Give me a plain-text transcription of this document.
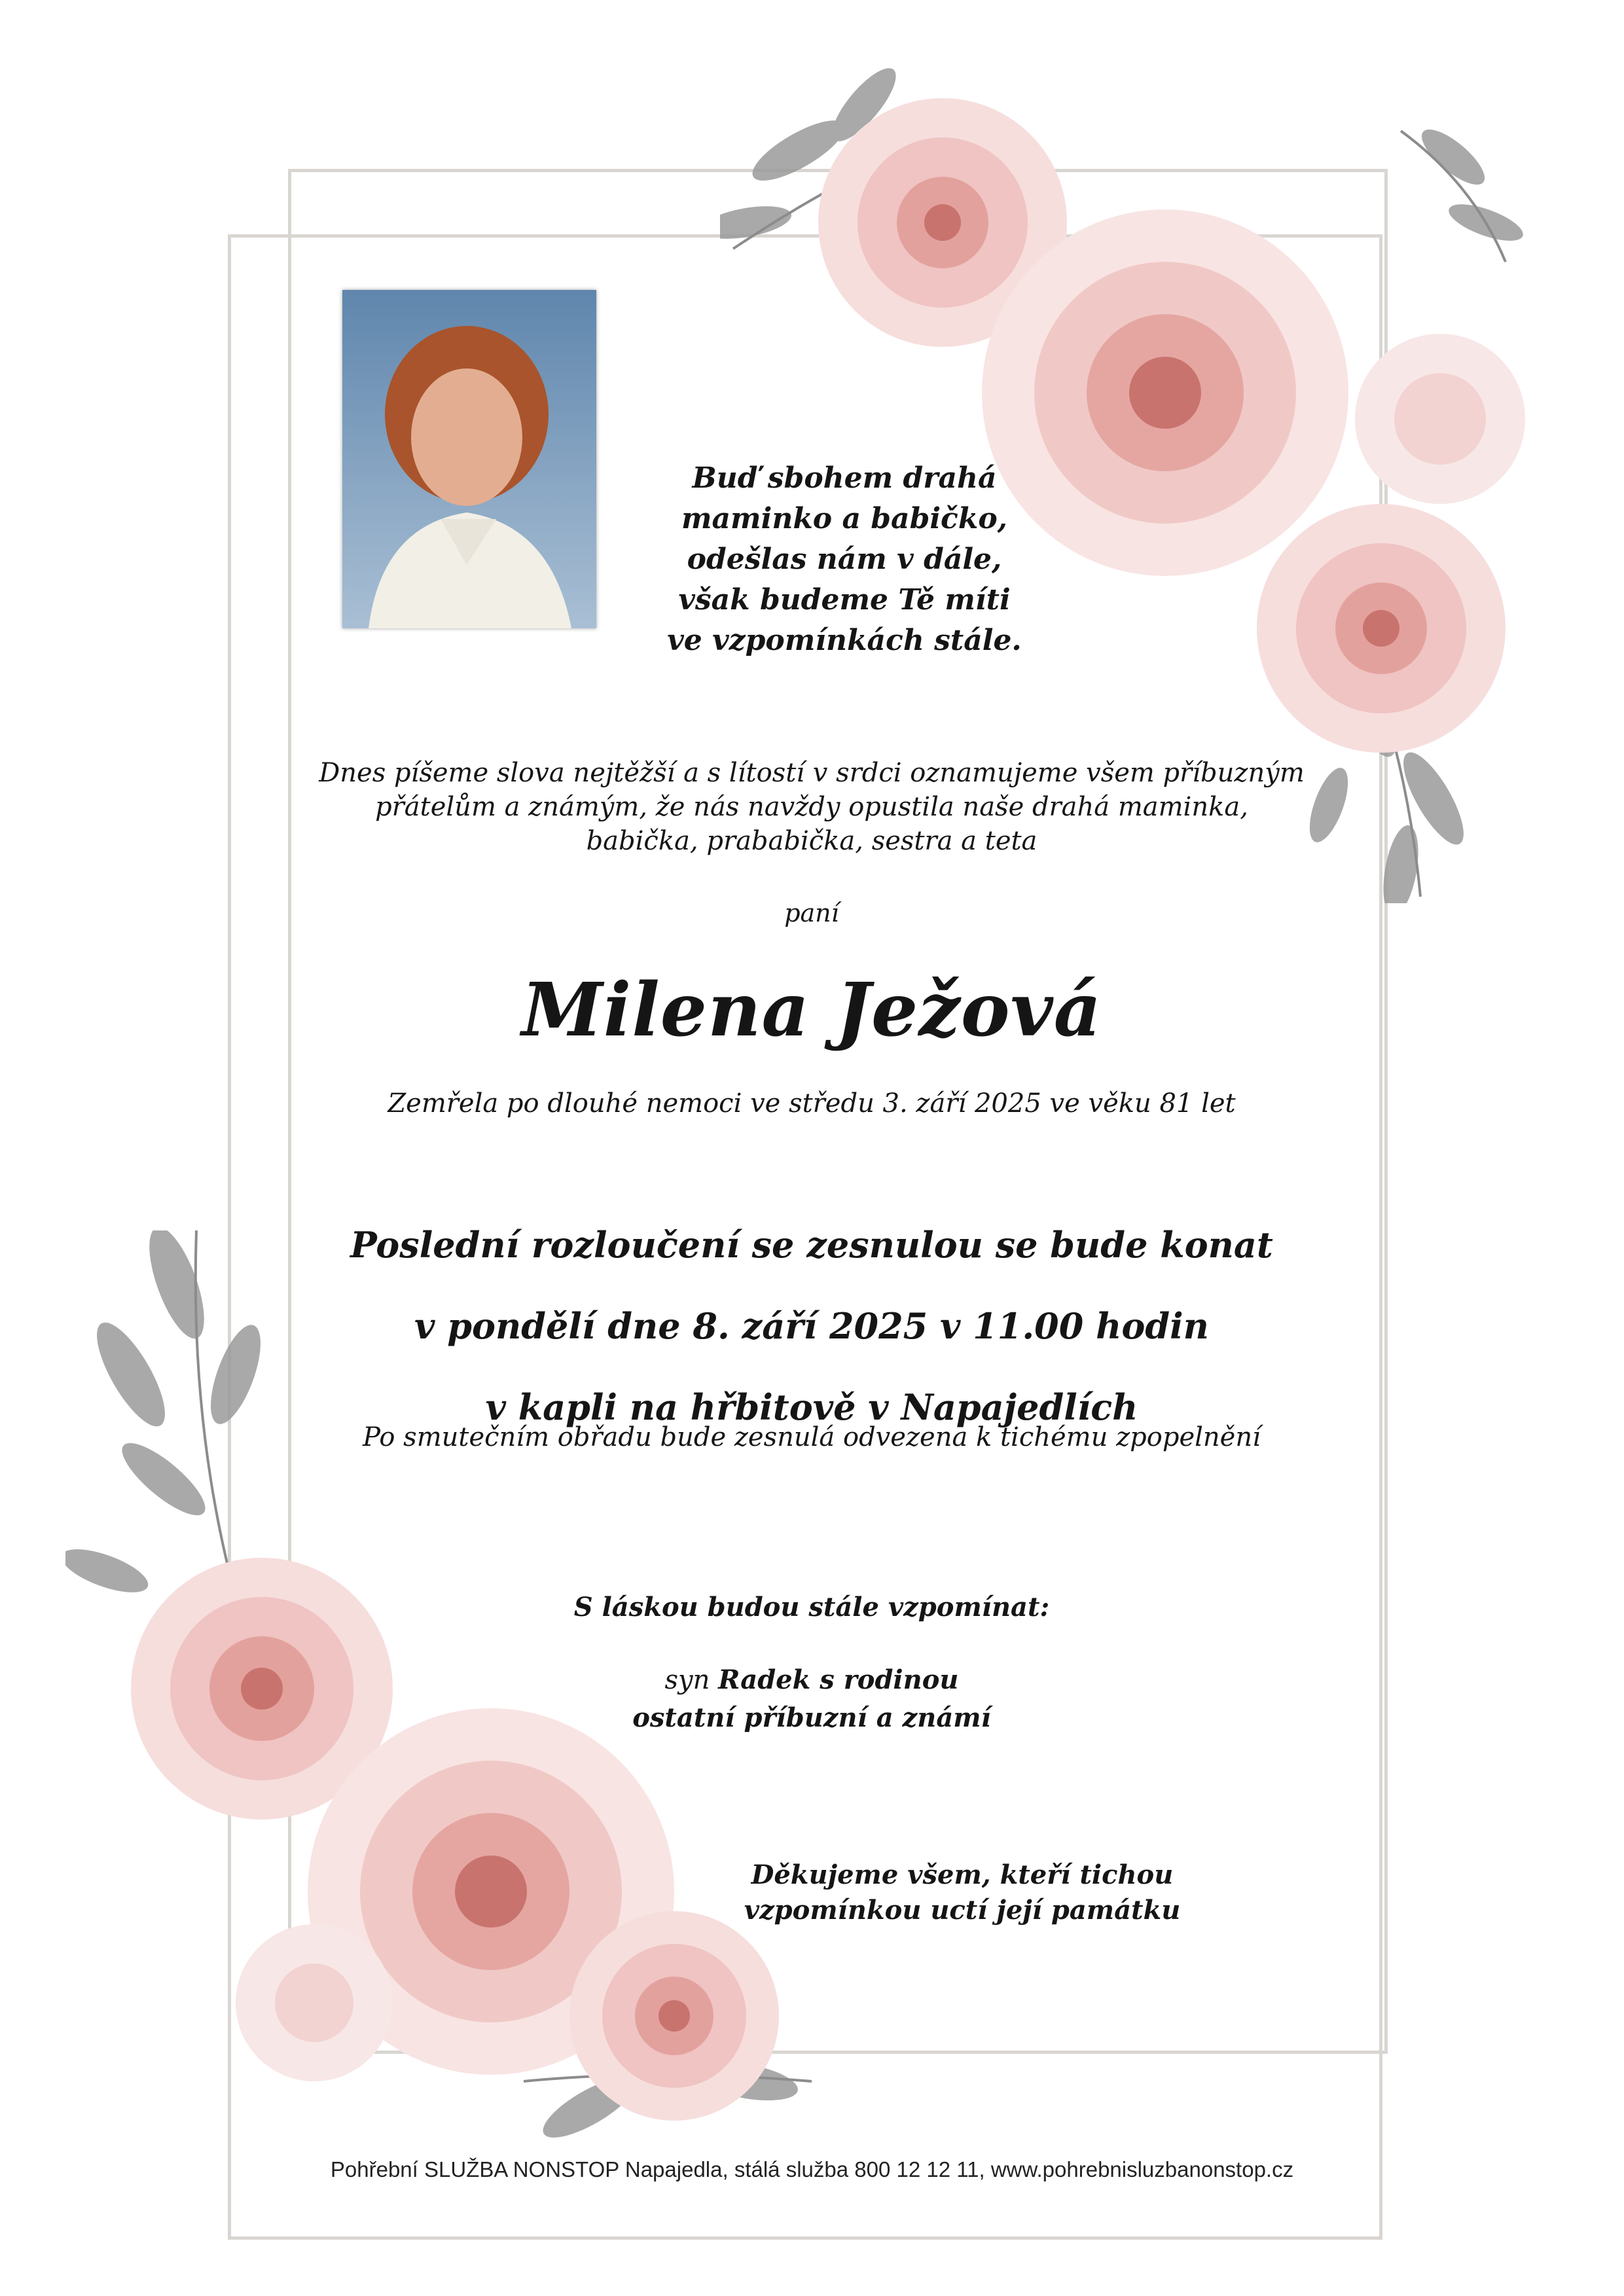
Buď sbohem drahá
maminko a babičko,
odešlas nám v dále,
však budeme Tě míti
ve vzpomínkách stále.
Dnes píšeme slova nejtěžší a s lítostí v srdci oznamujeme všem příbuzným
přátelům a známým, že nás navždy opustila naše drahá maminka,
babička, prababička, sestra a teta
paní
Milena Ježová
Zemřela po dlouhé nemoci ve středu 3. září 2025 ve věku 81 let
Poslední rozloučení se zesnulou se bude konat
v pondělí dne 8. září 2025 v 11.00 hodin
v kapli na hřbitově v Napajedlích
Po smutečním obřadu bude zesnulá odvezena k tichému zpopelnění
S láskou budou stále vzpomínat:
syn Radek s rodinou
ostatní příbuzní a známí
Děkujeme všem, kteří tichou
vzpomínkou uctí její památku
Pohřební SLUŽBA NONSTOP Napajedla, stálá služba 800 12 12 11, www.pohrebnisluzbanonstop.cz
